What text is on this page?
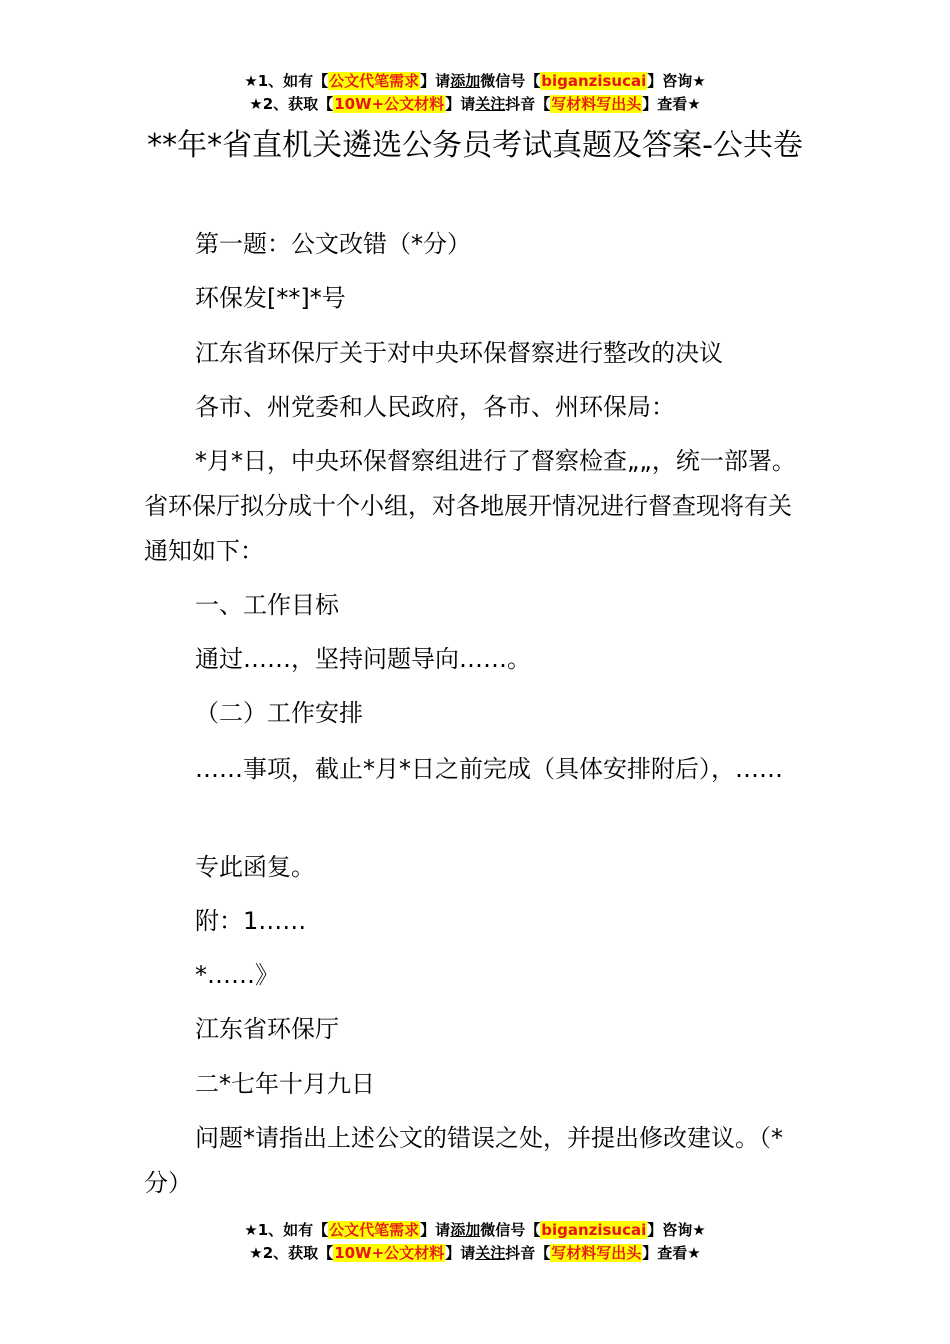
★1、如有【公文代笔需求】请添加微信号【biganzisucai】咨询★
★2、获取【10W+公文材料】请关注抖音【写材料写出头】查看★
**年*省直机关遴选公务员考试真题及答案-公共卷
第一题：公文改错（*分）
环保发[**]*号
江东省环保厅关于对中央环保督察进行整改的决议
各市、州党委和人民政府，各市、州环保局：
*月*日，中央环保督察组进行了督察检查„„，统一部署。省环保厅拟分成十个小组，对各地展开情况进行督查现将有关通知如下：
一、工作目标
通过……，坚持问题导向……。
（二）工作安排
……事项，截止*月*日之前完成（具体安排附后），……
专此函复。
附：1……
*……》
江东省环保厅
二*七年十月九日
问题*请指出上述公文的错误之处，并提出修改建议。（*分）
★1、如有【公文代笔需求】请添加微信号【biganzisucai】咨询★
★2、获取【10W+公文材料】请关注抖音【写材料写出头】查看★
